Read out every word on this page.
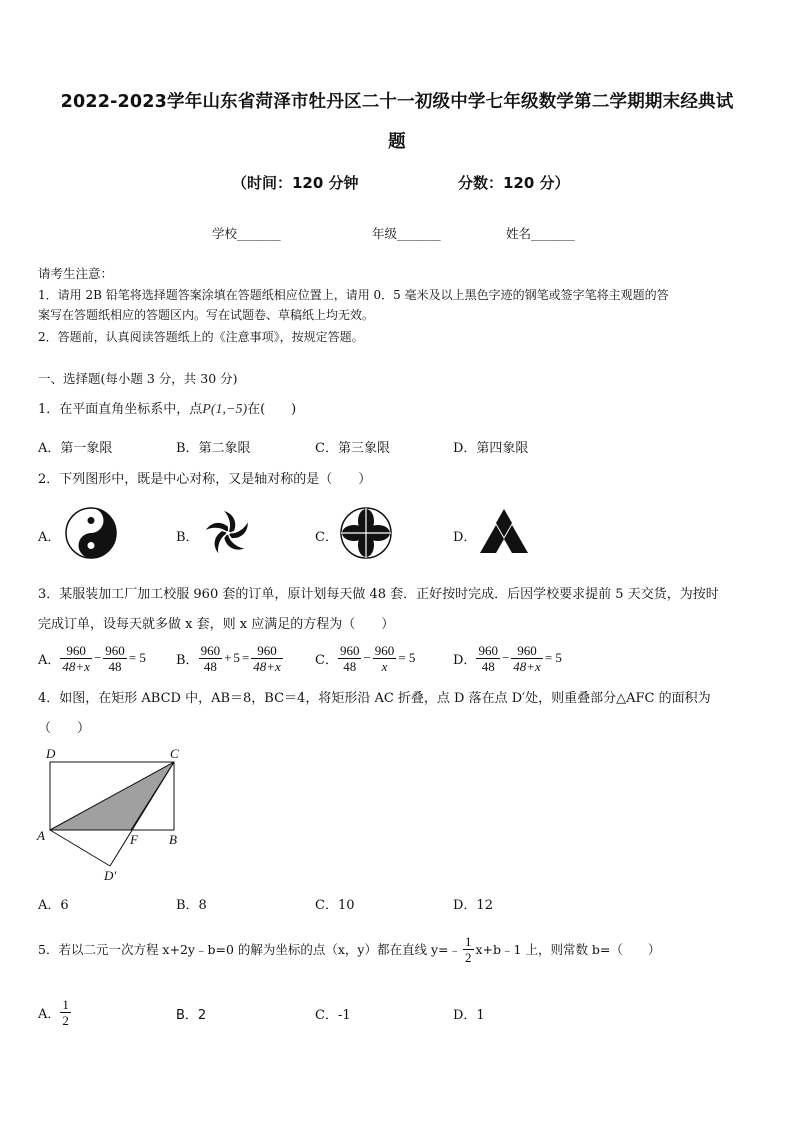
2022-2023学年山东省菏泽市牡丹区二十一初级中学七年级数学第二学期期末经典试
题
（时间：120 分钟	分数：120 分）
学校_______	年级_______	姓名_______
请考生注意：
1．请用 2B 铅笔将选择题答案涂填在答题纸相应位置上，请用 0．5 毫米及以上黑色字迹的钢笔或签字笔将主观题的答
案写在答题纸相应的答题区内。写在试题卷、草稿纸上均无效。
2．答题前，认真阅读答题纸上的《注意事项》，按规定答题。
一、选择题(每小题 3 分，共 30 分)
1．在平面直角坐标系中，点P(1,−5)在(　　)
A．第一象限	B．第二象限	C．第三象限	D．第四象限
2．下列图形中，既是中心对称，又是轴对称的是（　　）
A．	B．	C．	D．
3．某服装加工厂加工校服 960 套的订单，原计划每天做 48 套．正好按时完成．后因学校要求提前 5 天交货，为按时
完成订单，设每天就多做 x 套，则 x 应满足的方程为（　　）
A． $\frac{960}{48+x} - \frac{960}{48} = 5$ B． $\frac{960}{48} + 5 = \frac{960}{48+x}$ C． $\frac{960}{48} - \frac{960}{x} = 5$	D． $\frac{960}{48} - \frac{960}{48+x} = 5$
4．如图，在矩形 ABCD 中，AB＝8，BC＝4，将矩形沿 AC 折叠，点 D 落在点 D′处，则重叠部分△AFC 的面积为
（　　）
D	C
A	F B
D′
A．6	B．8	C．10	D．12
5．若以二元一次方程 x+2y﹣b=0 的解为坐标的点（x，y）都在直线 y=﹣ $\frac{1}{2}$ x+b﹣1 上，则常数 b=（　　）
A． $\frac{1}{2}$	B．2	C．-1	D．1
